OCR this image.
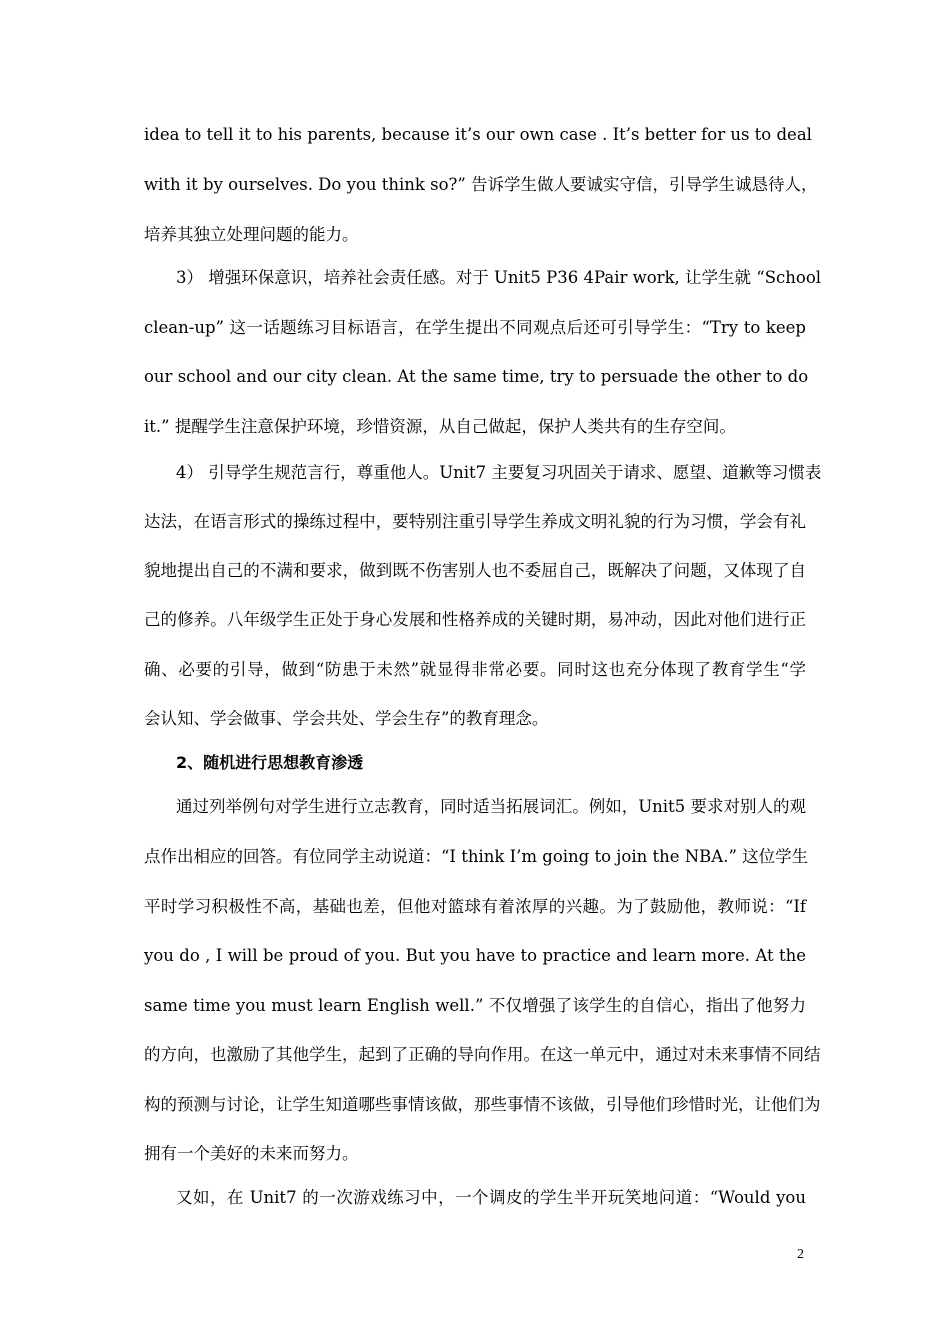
idea to tell it to his parents, because it’s our own case . It’s better for us to deal
with it by ourselves. Do you think so?” 告诉学生做人要诚实守信，引导学生诚恳待人，
培养其独立处理问题的能力。
3） 增强环保意识，培养社会责任感。对于 Unit5 P36 4Pair work, 让学生就 “School
clean-up” 这一话题练习目标语言，在学生提出不同观点后还可引导学生：“Try to keep
our school and our city clean. At the same time, try to persuade the other to do
it.” 提醒学生注意保护环境，珍惜资源，从自己做起，保护人类共有的生存空间。
4） 引导学生规范言行，尊重他人。Unit7 主要复习巩固关于请求、愿望、道歉等习惯表
达法，在语言形式的操练过程中，要特别注重引导学生养成文明礼貌的行为习惯，学会有礼
貌地提出自己的不满和要求，做到既不伤害别人也不委屈自己，既解决了问题，又体现了自
己的修养。八年级学生正处于身心发展和性格养成的关键时期，易冲动，因此对他们进行正
确、必要的引导，做到“防患于未然”就显得非常必要。同时这也充分体现了教育学生“学
会认知、学会做事、学会共处、学会生存”的教育理念。
2、随机进行思想教育渗透
通过列举例句对学生进行立志教育，同时适当拓展词汇。例如，Unit5 要求对别人的观
点作出相应的回答。有位同学主动说道：“I think I’m going to join the NBA.” 这位学生
平时学习积极性不高，基础也差，但他对篮球有着浓厚的兴趣。为了鼓励他，教师说：“If
you do , I will be proud of you. But you have to practice and learn more. At the
same time you must learn English well.” 不仅增强了该学生的自信心，指出了他努力
的方向，也激励了其他学生，起到了正确的导向作用。在这一单元中，通过对未来事情不同结
构的预测与讨论，让学生知道哪些事情该做，那些事情不该做，引导他们珍惜时光，让他们为
拥有一个美好的未来而努力。
又如，在 Unit7 的一次游戏练习中，一个调皮的学生半开玩笑地问道：“Would you
2
